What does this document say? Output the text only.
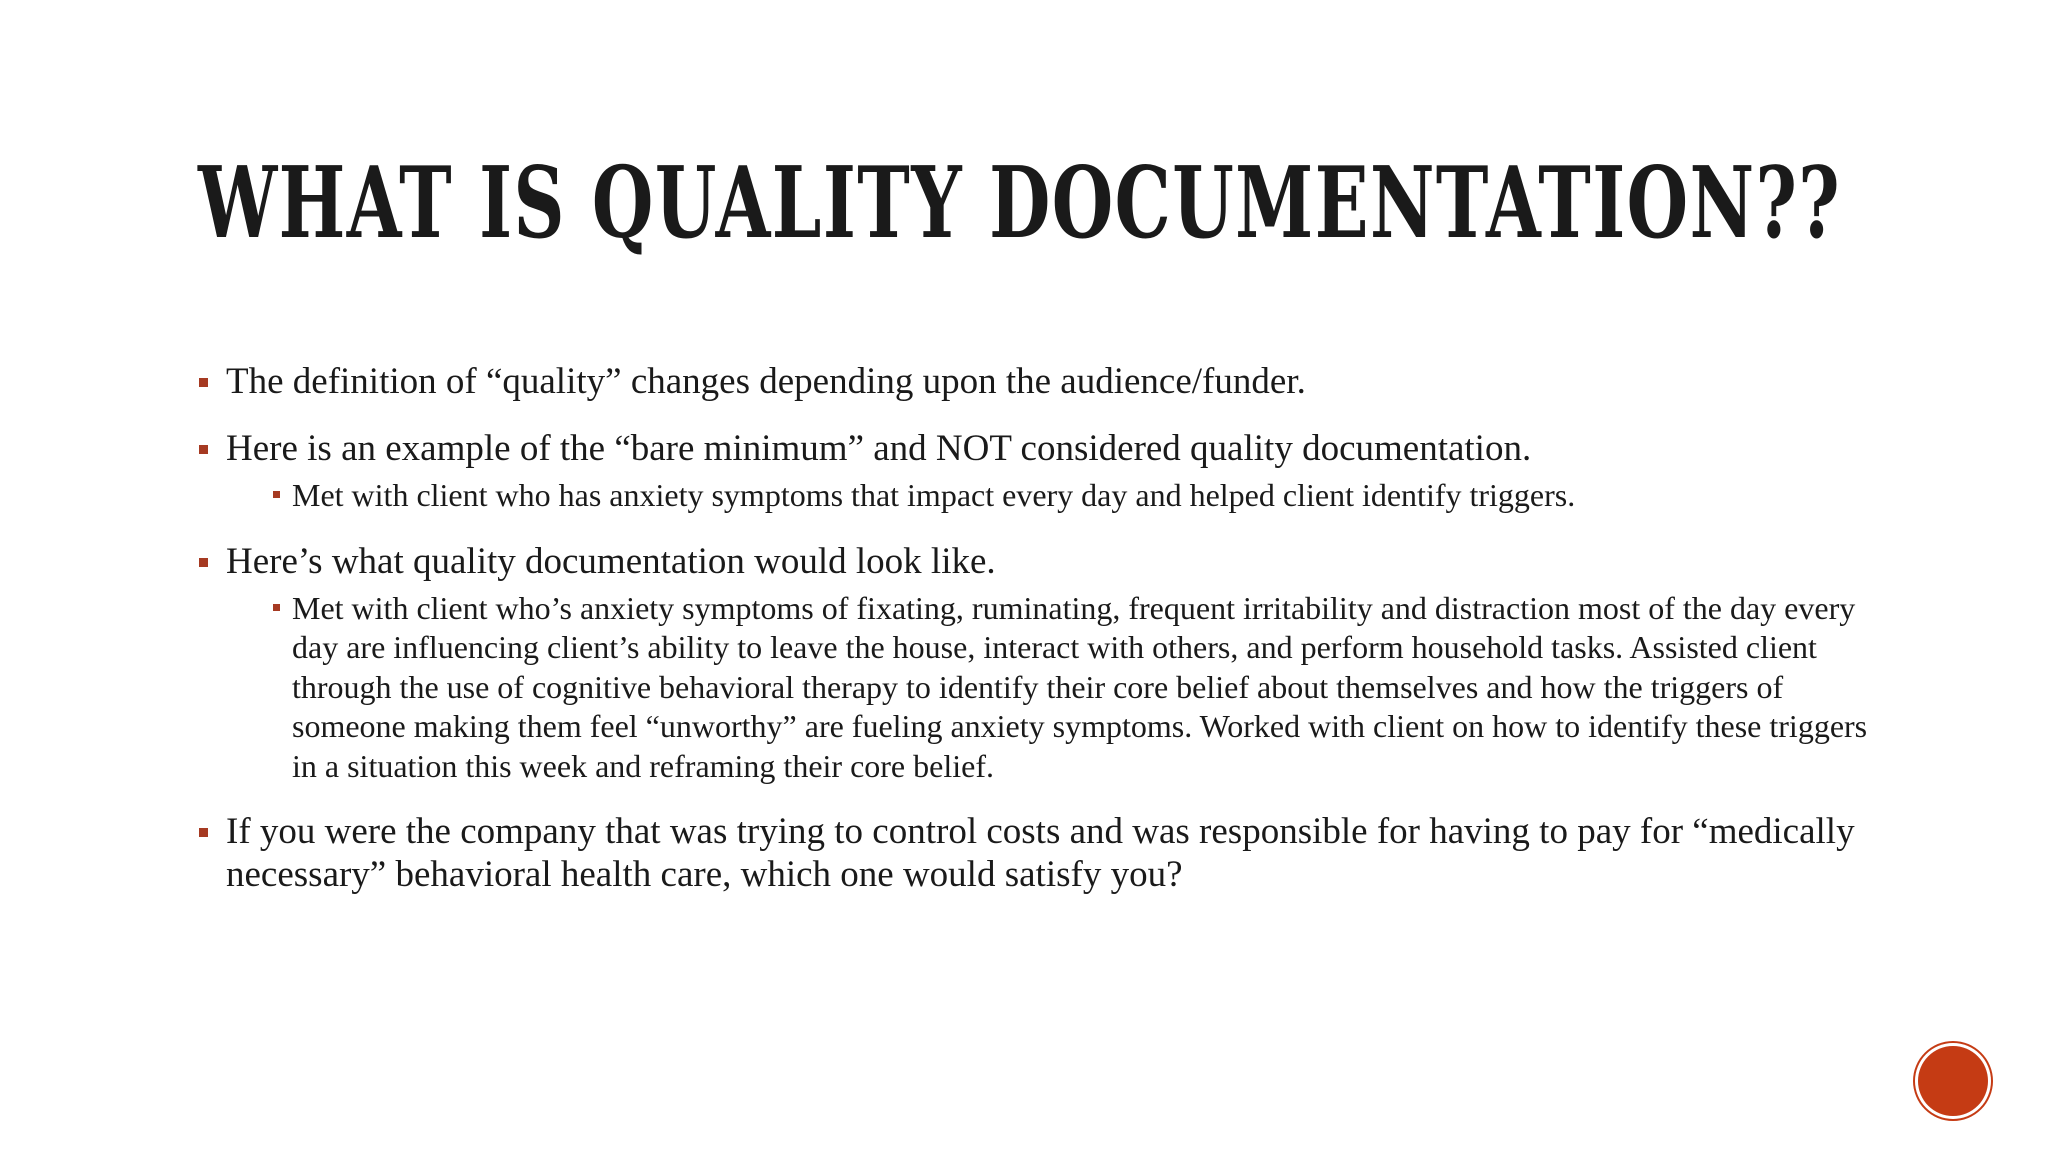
WHAT IS QUALITY DOCUMENTATION??
The definition of “quality” changes depending upon the audience/funder.
Here is an example of the “bare minimum” and NOT considered quality documentation.
Met with client who has anxiety symptoms that impact every day and helped client identify triggers.
Here’s what quality documentation would look like.
Met with client who’s anxiety symptoms of fixating, ruminating, frequent irritability and distraction most of the day every day are influencing client’s ability to leave the house, interact with others, and perform household tasks. Assisted client through the use of cognitive behavioral therapy to identify their core belief about themselves and how the triggers of someone making them feel “unworthy” are fueling anxiety symptoms. Worked with client on how to identify these triggers in a situation this week and reframing their core belief.
If you were the company that was trying to control costs and was responsible for having to pay for “medically necessary” behavioral health care, which one would satisfy you?
